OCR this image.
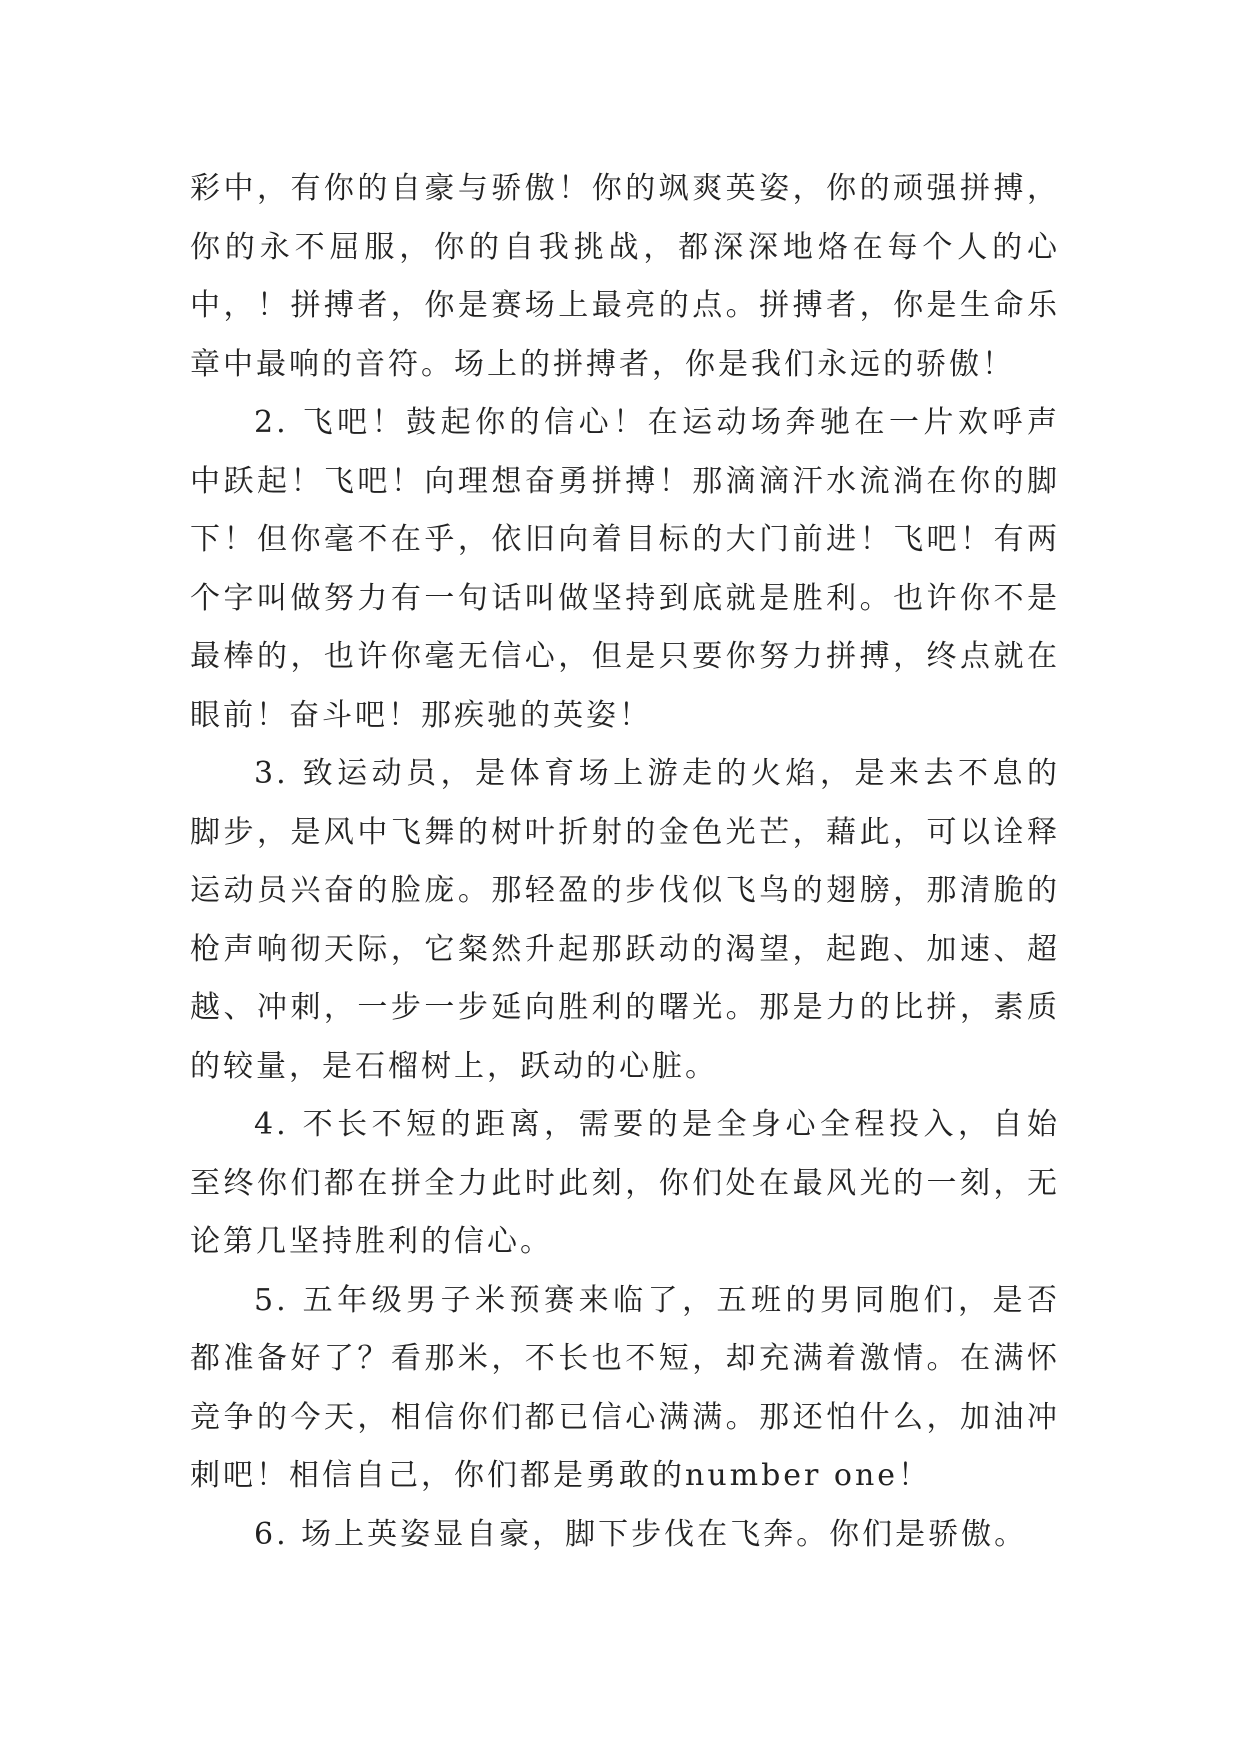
彩中，有你的自豪与骄傲！你的飒爽英姿，你的顽强拼搏，你的永不屈服，你的自我挑战，都深深地烙在每个人的心中，！拼搏者，你是赛场上最亮的点。拼搏者，你是生命乐章中最响的音符。场上的拼搏者，你是我们永远的骄傲！

2. 飞吧！鼓起你的信心！在运动场奔驰在一片欢呼声中跃起！飞吧！向理想奋勇拼搏！那滴滴汗水流淌在你的脚下！但你毫不在乎，依旧向着目标的大门前进！飞吧！有两个字叫做努力有一句话叫做坚持到底就是胜利。也许你不是最棒的，也许你毫无信心，但是只要你努力拼搏，终点就在眼前！奋斗吧！那疾驰的英姿！

3. 致运动员，是体育场上游走的火焰，是来去不息的脚步，是风中飞舞的树叶折射的金色光芒，藉此，可以诠释运动员兴奋的脸庞。那轻盈的步伐似飞鸟的翅膀，那清脆的枪声响彻天际，它粲然升起那跃动的渴望，起跑、加速、超越、冲刺，一步一步延向胜利的曙光。那是力的比拼，素质的较量，是石榴树上，跃动的心脏。

4. 不长不短的距离，需要的是全身心全程投入，自始至终你们都在拼全力此时此刻，你们处在最风光的一刻，无论第几坚持胜利的信心。

5. 五年级男子米预赛来临了，五班的男同胞们，是否都准备好了？看那米，不长也不短，却充满着激情。在满怀竞争的今天，相信你们都已信心满满。那还怕什么，加油冲刺吧！相信自己，你们都是勇敢的number one！

6. 场上英姿显自豪，脚下步伐在飞奔。你们是骄傲。
